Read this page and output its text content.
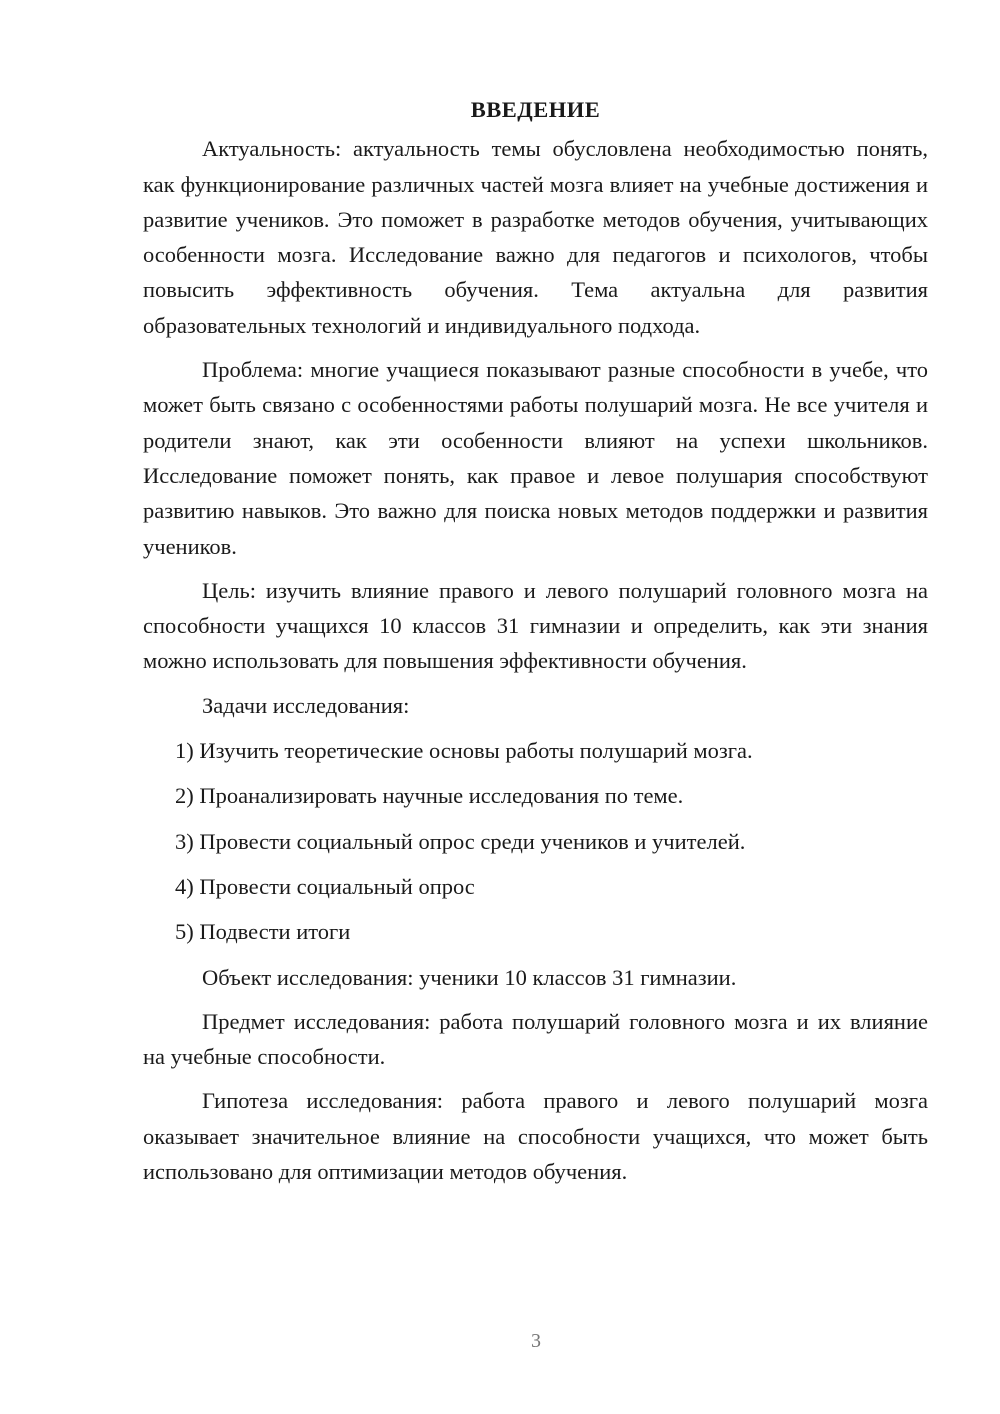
ВВЕДЕНИЕ

Актуальность: актуальность темы обусловлена необходимостью понять, как функционирование различных частей мозга влияет на учебные достижения и развитие учеников. Это поможет в разработке методов обучения, учитывающих особенности мозга. Исследование важно для педагогов и психологов, чтобы повысить эффективность обучения. Тема актуальна для развития образовательных технологий и индивидуального подхода.

Проблема: многие учащиеся показывают разные способности в учебе, что может быть связано с особенностями работы полушарий мозга. Не все учителя и родители знают, как эти особенности влияют на успехи школьников. Исследование поможет понять, как правое и левое полушария способствуют развитию навыков. Это важно для поиска новых методов поддержки и развития учеников.

Цель: изучить влияние правого и левого полушарий головного мозга на способности учащихся 10 классов 31 гимназии и определить, как эти знания можно использовать для повышения эффективности обучения.

Задачи исследования:

1) Изучить теоретические основы работы полушарий мозга.

2) Проанализировать научные исследования по теме.

3) Провести социальный опрос среди учеников и учителей.

4) Провести социальный опрос

5) Подвести итоги

Объект исследования: ученики 10 классов 31 гимназии.

Предмет исследования: работа полушарий головного мозга и их влияние на учебные способности.

Гипотеза исследования: работа правого и левого полушарий мозга оказывает значительное влияние на способности учащихся, что может быть использовано для оптимизации методов обучения.

3
